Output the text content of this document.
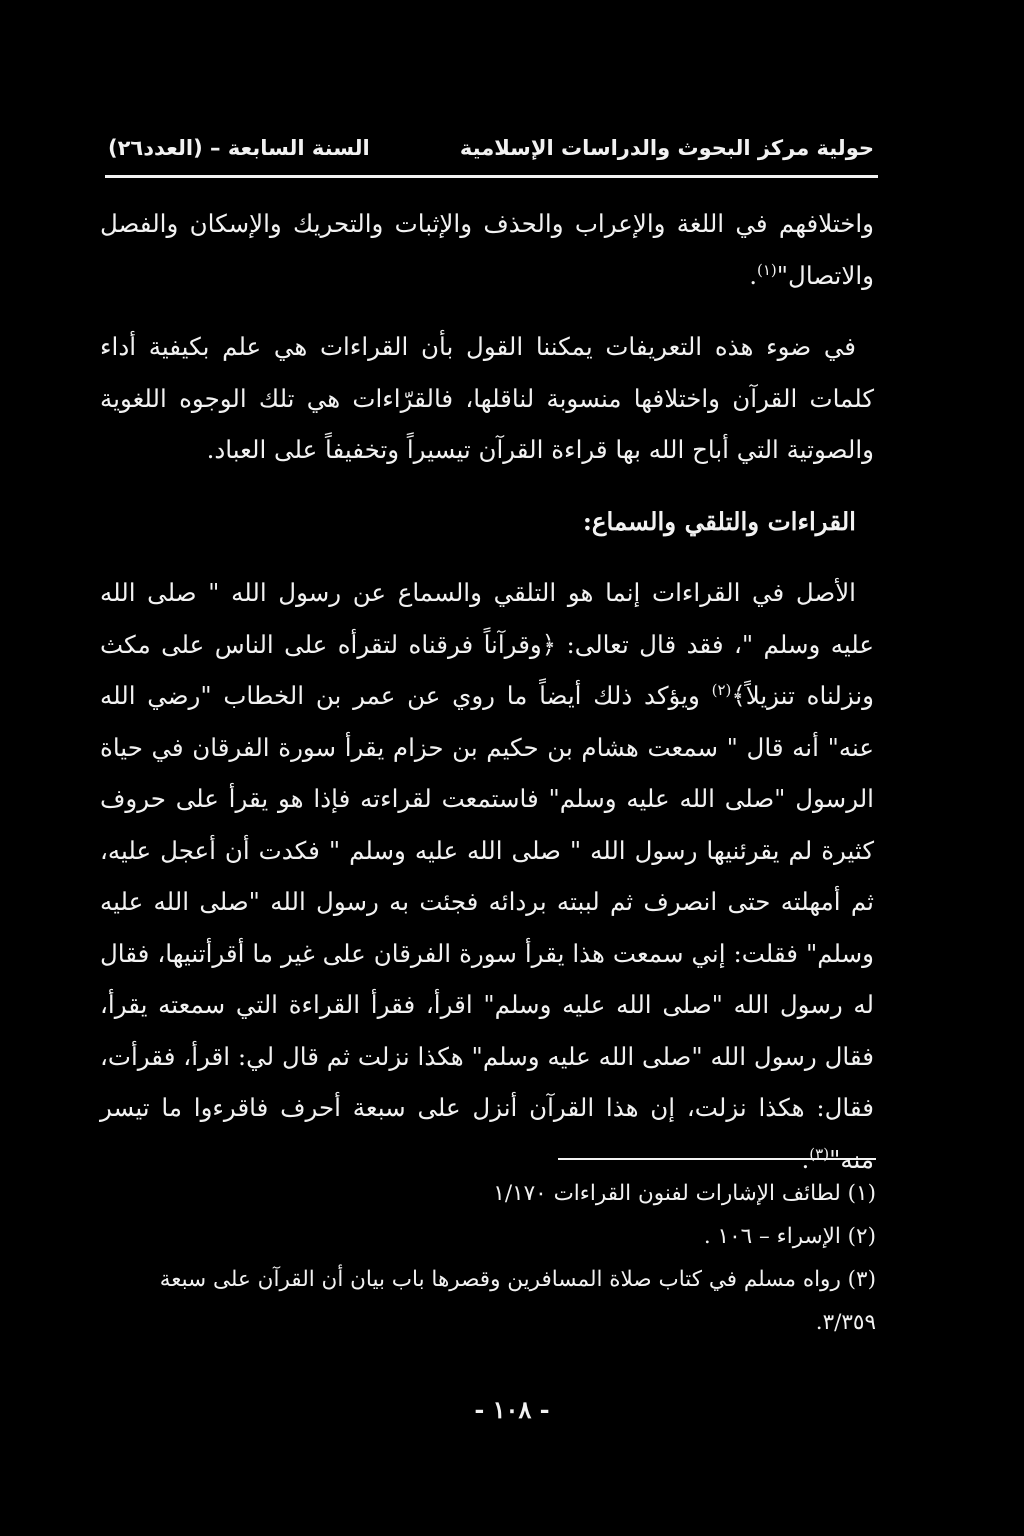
حولية مركز البحوث والدراسات الإسلامية
السنة السابعة – (العدد٢٦)

واختلافهم في اللغة والإعراب والحذف والإثبات والتحريك والإسكان والفصل والاتصال"$^{(١)}$.

في ضوء هذه التعريفات يمكننا القول بأن القراءات هي علم بكيفية أداء كلمات القرآن واختلافها منسوبة لناقلها، فالقرّاءات هي تلك الوجوه اللغوية والصوتية التي أباح الله بها قراءة القرآن تيسيراً وتخفيفاً على العباد.

القراءات والتلقي والسماع:

الأصل في القراءات إنما هو التلقي والسماع عن رسول الله " صلى الله عليه وسلم "، فقد قال تعالى: ﴿وقرآناً فرقناه لتقرأه على الناس على مكث ونزلناه تنزيلاً﴾$^{(٢)}$ ويؤكد ذلك أيضاً ما روي عن عمر بن الخطاب "رضي الله عنه" أنه قال " سمعت هشام بن حكيم بن حزام يقرأ سورة الفرقان في حياة الرسول "صلى الله عليه وسلم" فاستمعت لقراءته فإذا هو يقرأ على حروف كثيرة لم يقرئنيها رسول الله " صلى الله عليه وسلم " فكدت أن أعجل عليه، ثم أمهلته حتى انصرف ثم لببته بردائه فجئت به رسول الله "صلى الله عليه وسلم" فقلت: إني سمعت هذا يقرأ سورة الفرقان على غير ما أقرأتنيها، فقال له رسول الله "صلى الله عليه وسلم" اقرأ، فقرأ القراءة التي سمعته يقرأ، فقال رسول الله "صلى الله عليه وسلم" هكذا نزلت ثم قال لي: اقرأ، فقرأت، فقال: هكذا نزلت، إن هذا القرآن أنزل على سبعة أحرف فاقرءوا ما تيسر منه"$^{(٣)}$.

(١) لطائف الإشارات لفنون القراءات ١/١٧٠

(٢) الإسراء – ١٠٦ .

(٣) رواه مسلم في كتاب صلاة المسافرين وقصرها باب بيان أن القرآن على سبعة ٣/٣٥٩.

- ١٠٨ -
